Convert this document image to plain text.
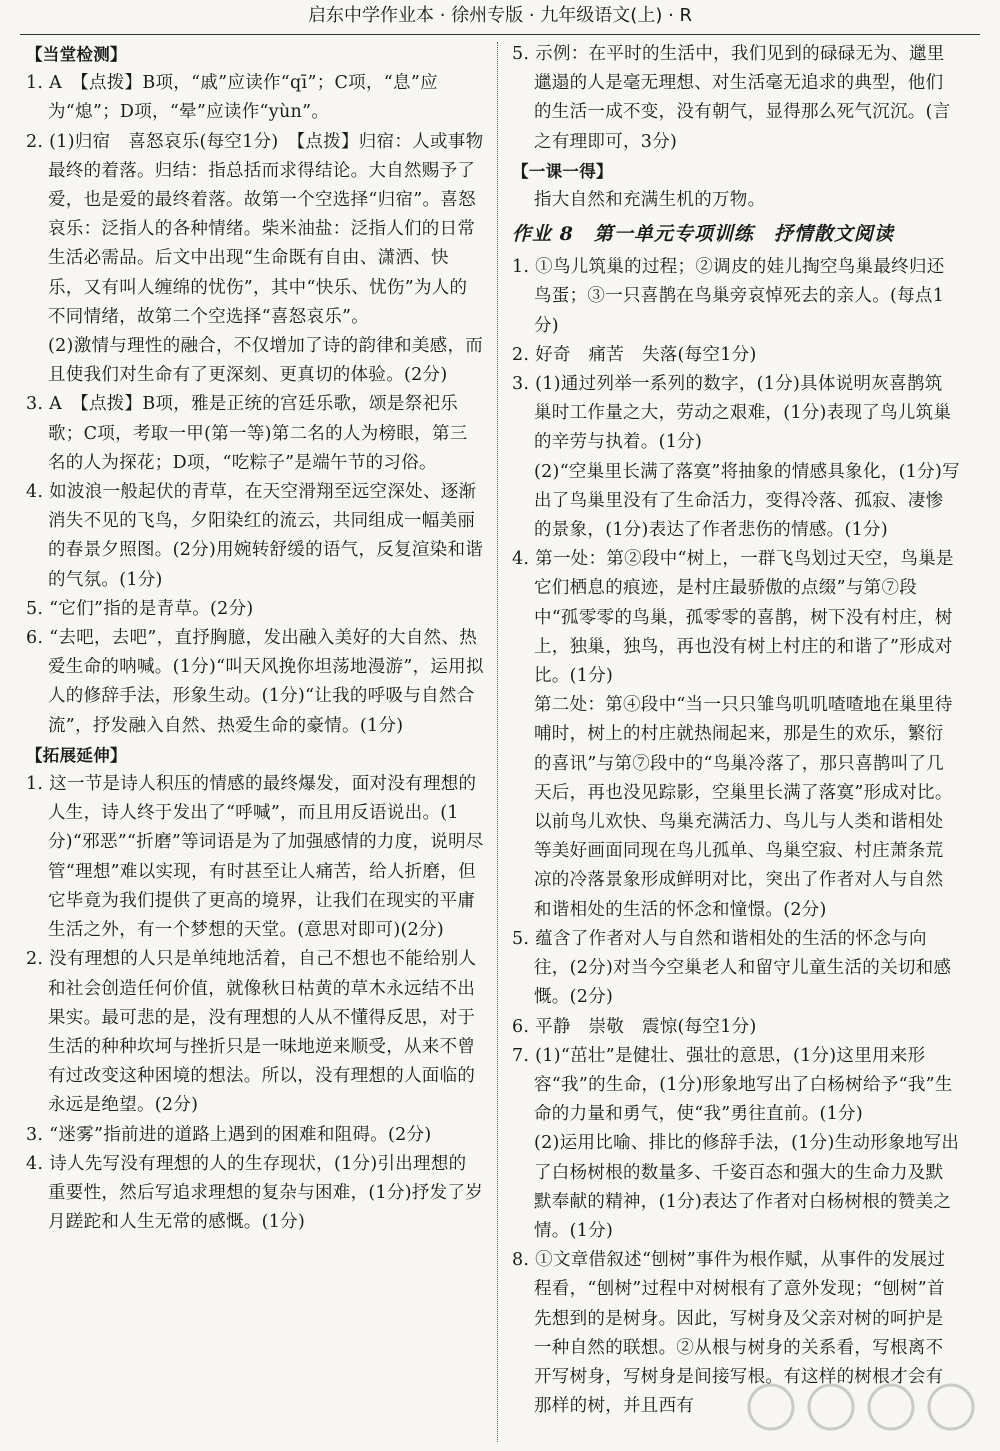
启东中学作业本 · 徐州专版 · 九年级语文(上) · R
【当堂检测】
1. A　【点拨】B项，“戚”应读作“qī”；C项，“息”应为“熄”；D项，“晕”应读作“yùn”。
2. (1)归宿　喜怒哀乐(每空1分)　【点拨】归宿：人或事物最终的着落。归结：指总括而求得结论。大自然赐予了爱，也是爱的最终着落。故第一个空选择“归宿”。喜怒哀乐：泛指人的各种情绪。柴米油盐：泛指人们的日常生活必需品。后文中出现“生命既有自由、潇洒、快乐，又有叫人缠绵的忧伤”，其中“快乐、忧伤”为人的不同情绪，故第二个空选择“喜怒哀乐”。
(2)激情与理性的融合，不仅增加了诗的韵律和美感，而且使我们对生命有了更深刻、更真切的体验。(2分)
3. A　【点拨】B项，雅是正统的宫廷乐歌，颂是祭祀乐歌；C项，考取一甲(第一等)第二名的人为榜眼，第三名的人为探花；D项，“吃粽子”是端午节的习俗。
4. 如波浪一般起伏的青草，在天空滑翔至远空深处、逐渐消失不见的飞鸟，夕阳染红的流云，共同组成一幅美丽的春景夕照图。(2分)用婉转舒缓的语气，反复渲染和谐的气氛。(1分)
5. “它们”指的是青草。(2分)
6. “去吧，去吧”，直抒胸臆，发出融入美好的大自然、热爱生命的呐喊。(1分)“叫天风挽你坦荡地漫游”，运用拟人的修辞手法，形象生动。(1分)“让我的呼吸与自然合流”，抒发融入自然、热爱生命的豪情。(1分)
【拓展延伸】
1. 这一节是诗人积压的情感的最终爆发，面对没有理想的人生，诗人终于发出了“呼喊”，而且用反语说出。(1分)“邪恶”“折磨”等词语是为了加强感情的力度，说明尽管“理想”难以实现，有时甚至让人痛苦，给人折磨，但它毕竟为我们提供了更高的境界，让我们在现实的平庸生活之外，有一个梦想的天堂。(意思对即可)(2分)
2. 没有理想的人只是单纯地活着，自己不想也不能给别人和社会创造任何价值，就像秋日枯黄的草木永远结不出果实。最可悲的是，没有理想的人从不懂得反思，对于生活的种种坎坷与挫折只是一味地逆来顺受，从来不曾有过改变这种困境的想法。所以，没有理想的人面临的永远是绝望。(2分)
3. “迷雾”指前进的道路上遇到的困难和阻碍。(2分)
4. 诗人先写没有理想的人的生存现状，(1分)引出理想的重要性，然后写追求理想的复杂与困难，(1分)抒发了岁月蹉跎和人生无常的感慨。(1分)
5. 示例：在平时的生活中，我们见到的碌碌无为、邋里邋遢的人是毫无理想、对生活毫无追求的典型，他们的生活一成不变，没有朝气，显得那么死气沉沉。(言之有理即可，3分)
【一课一得】
指大自然和充满生机的万物。
作业 8　第一单元专项训练　抒情散文阅读
1. ①鸟儿筑巢的过程；②调皮的娃儿掏空鸟巢最终归还鸟蛋；③一只喜鹊在鸟巢旁哀悼死去的亲人。(每点1分)
2. 好奇　痛苦　失落(每空1分)
3. (1)通过列举一系列的数字，(1分)具体说明灰喜鹊筑巢时工作量之大，劳动之艰难，(1分)表现了鸟儿筑巢的辛劳与执着。(1分)
(2)“空巢里长满了落寞”将抽象的情感具象化，(1分)写出了鸟巢里没有了生命活力，变得冷落、孤寂、凄惨的景象，(1分)表达了作者悲伤的情感。(1分)
4. 第一处：第②段中“树上，一群飞鸟划过天空，鸟巢是它们栖息的痕迹，是村庄最骄傲的点缀”与第⑦段中“孤零零的鸟巢，孤零零的喜鹊，树下没有村庄，树上，独巢，独鸟，再也没有树上村庄的和谐了”形成对比。(1分)
第二处：第④段中“当一只只雏鸟叽叽喳喳地在巢里待哺时，树上的村庄就热闹起来，那是生的欢乐，繁衍的喜讯”与第⑦段中的“鸟巢冷落了，那只喜鹊叫了几天后，再也没见踪影，空巢里长满了落寞”形成对比。
以前鸟儿欢快、鸟巢充满活力、鸟儿与人类和谐相处等美好画面同现在鸟儿孤单、鸟巢空寂、村庄萧条荒凉的冷落景象形成鲜明对比，突出了作者对人与自然和谐相处的生活的怀念和憧憬。(2分)
5. 蕴含了作者对人与自然和谐相处的生活的怀念与向往，(2分)对当今空巢老人和留守儿童生活的关切和感慨。(2分)
6. 平静　崇敬　震惊(每空1分)
7. (1)“茁壮”是健壮、强壮的意思，(1分)这里用来形容“我”的生命，(1分)形象地写出了白杨树给予“我”生命的力量和勇气，使“我”勇往直前。(1分)
(2)运用比喻、排比的修辞手法，(1分)生动形象地写出了白杨树根的数量多、千姿百态和强大的生命力及默默奉献的精神，(1分)表达了作者对白杨树根的赞美之情。(1分)
8. ①文章借叙述“刨树”事件为根作赋，从事件的发展过程看，“刨树”过程中对树根有了意外发现；“刨树”首先想到的是树身。因此，写树身及父亲对树的呵护是一种自然的联想。②从根与树身的关系看，写根离不开写树身，写树身是间接写根。有这样的树根才会有那样的树，并且西有
